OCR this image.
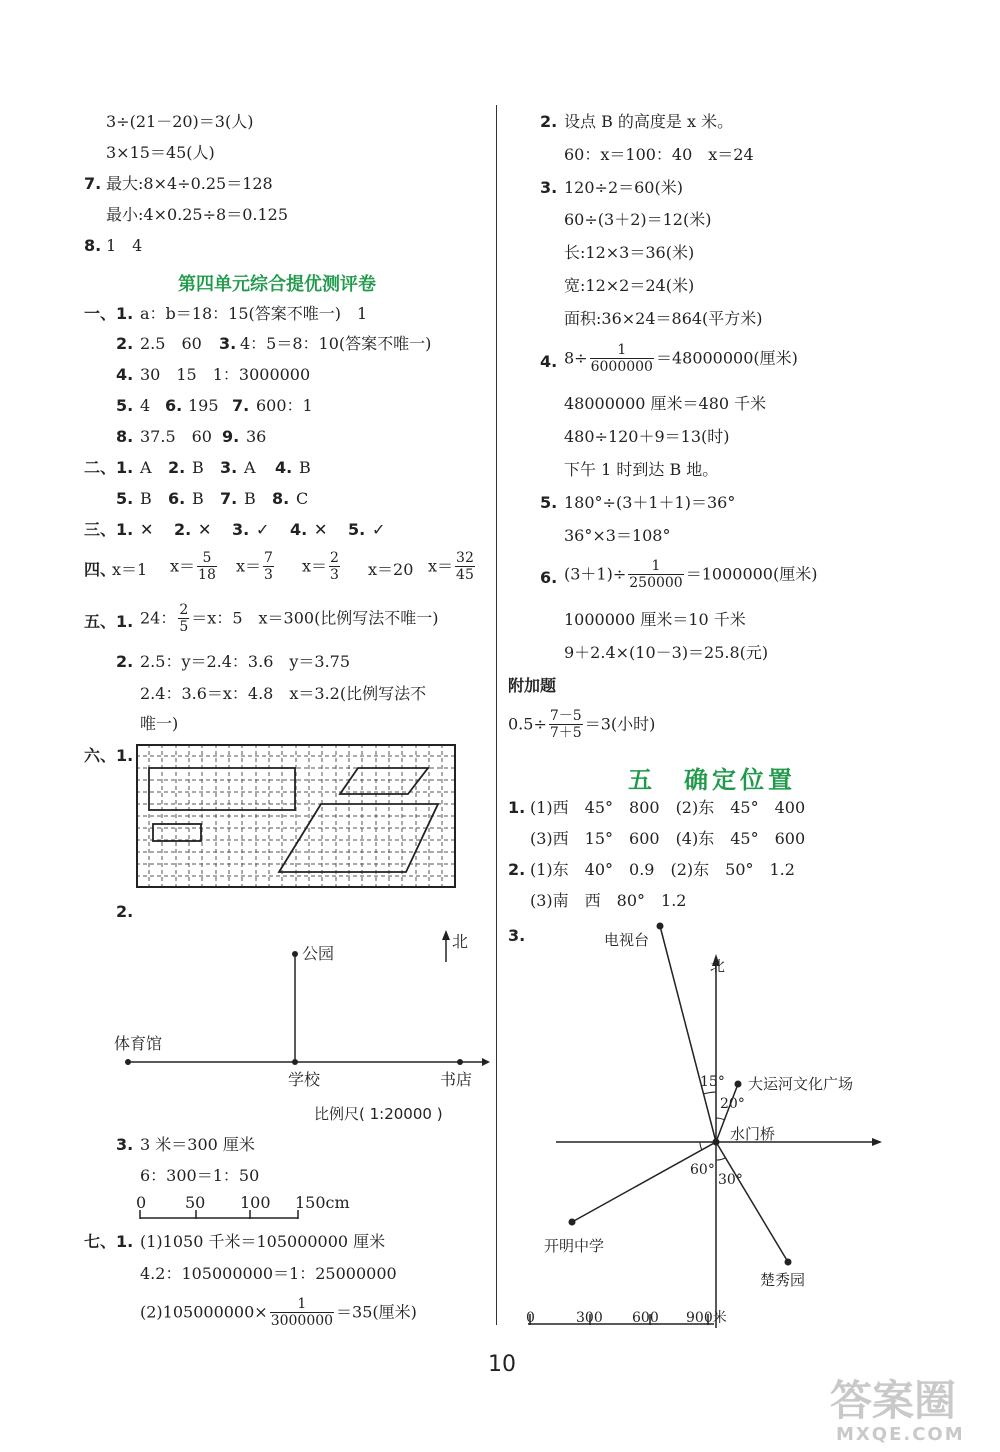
3÷(21－20)＝3(人)
3×15＝45(人)
7. 最大:8×4÷0.25＝128
最小:4×0.25÷8＝0.125
8. 1　4
第四单元综合提优测评卷
一、1. a：b＝18：15(答案不唯一)　1
2. 2.5　60 3. 4：5＝8：10(答案不唯一)
4. 30　15　1：3000000
5. 4 6. 195 7. 600：1
8. 37.5　60 9. 36
二、1. A 2. B 3. A 4. B
5. B 6. B 7. B 8. C
三、1. ✕ 2. ✕ 3. ✓ 4. ✕ 5. ✓
四、
x＝1 $x= \frac{5}{18} x= \frac{7}{3} x= \frac{2}{3} x=20$ $x= \frac{32}{45}$
五、1. 24： $\frac{2}{5} =x$：5　x＝300(比例写法不唯一)
2. 2.5：y＝2.4：3.6　y＝3.75
2.4：3.6＝x：4.8　x＝3.2(比例写法不
唯一)
六、1.
2.
公园
北
体育馆
学校	书店
比例尺( 1:20000 )
3. 3 米＝300 厘米
6：300＝1：50
0 50 100 150cm
七、1. (1)1050 千米＝105000000 厘米
4.2：105000000＝1：25000000
$(2)105000000\times \frac{1}{3000000} =35$(厘米)
2. 设点 B 的高度是 x 米。
60：x＝100：40　x＝24
3. 120÷2＝60(米)
60÷(3＋2)＝12(米)
长:12×3＝36(米)
宽:12×2＝24(米)
面积:36×24＝864(平方米)
4. $8\div \frac{1}{6000000} =48000000$(厘米)
48000000 厘米＝480 千米
480÷120＋9＝13(时)
下午 1 时到达 B 地。
5. 180°÷(3＋1＋1)＝36°
36°×3＝108°
6. $(3+1)\div \frac{1}{250000} =1000000$(厘米)
1000000 厘米＝10 千米
9＋2.4×(10－3)＝25.8(元)
附加题
$0.5\div \frac{7-5}{7+5} =3$(小时)
五　确定位置
1. (1)西　45°　800　(2)东　45°　400
(3)西　15°　600　(4)东　45°　600
2. (1)东　40°　0.9　(2)东　50°　1.2
(3)南　西　80°　1.2
3.	电视台
北
大运河文化广场
水门桥
开明中学
楚秀园
15°
20°
60°
30°
0	300 600 900米
10
答案圈
MXQE.COM
